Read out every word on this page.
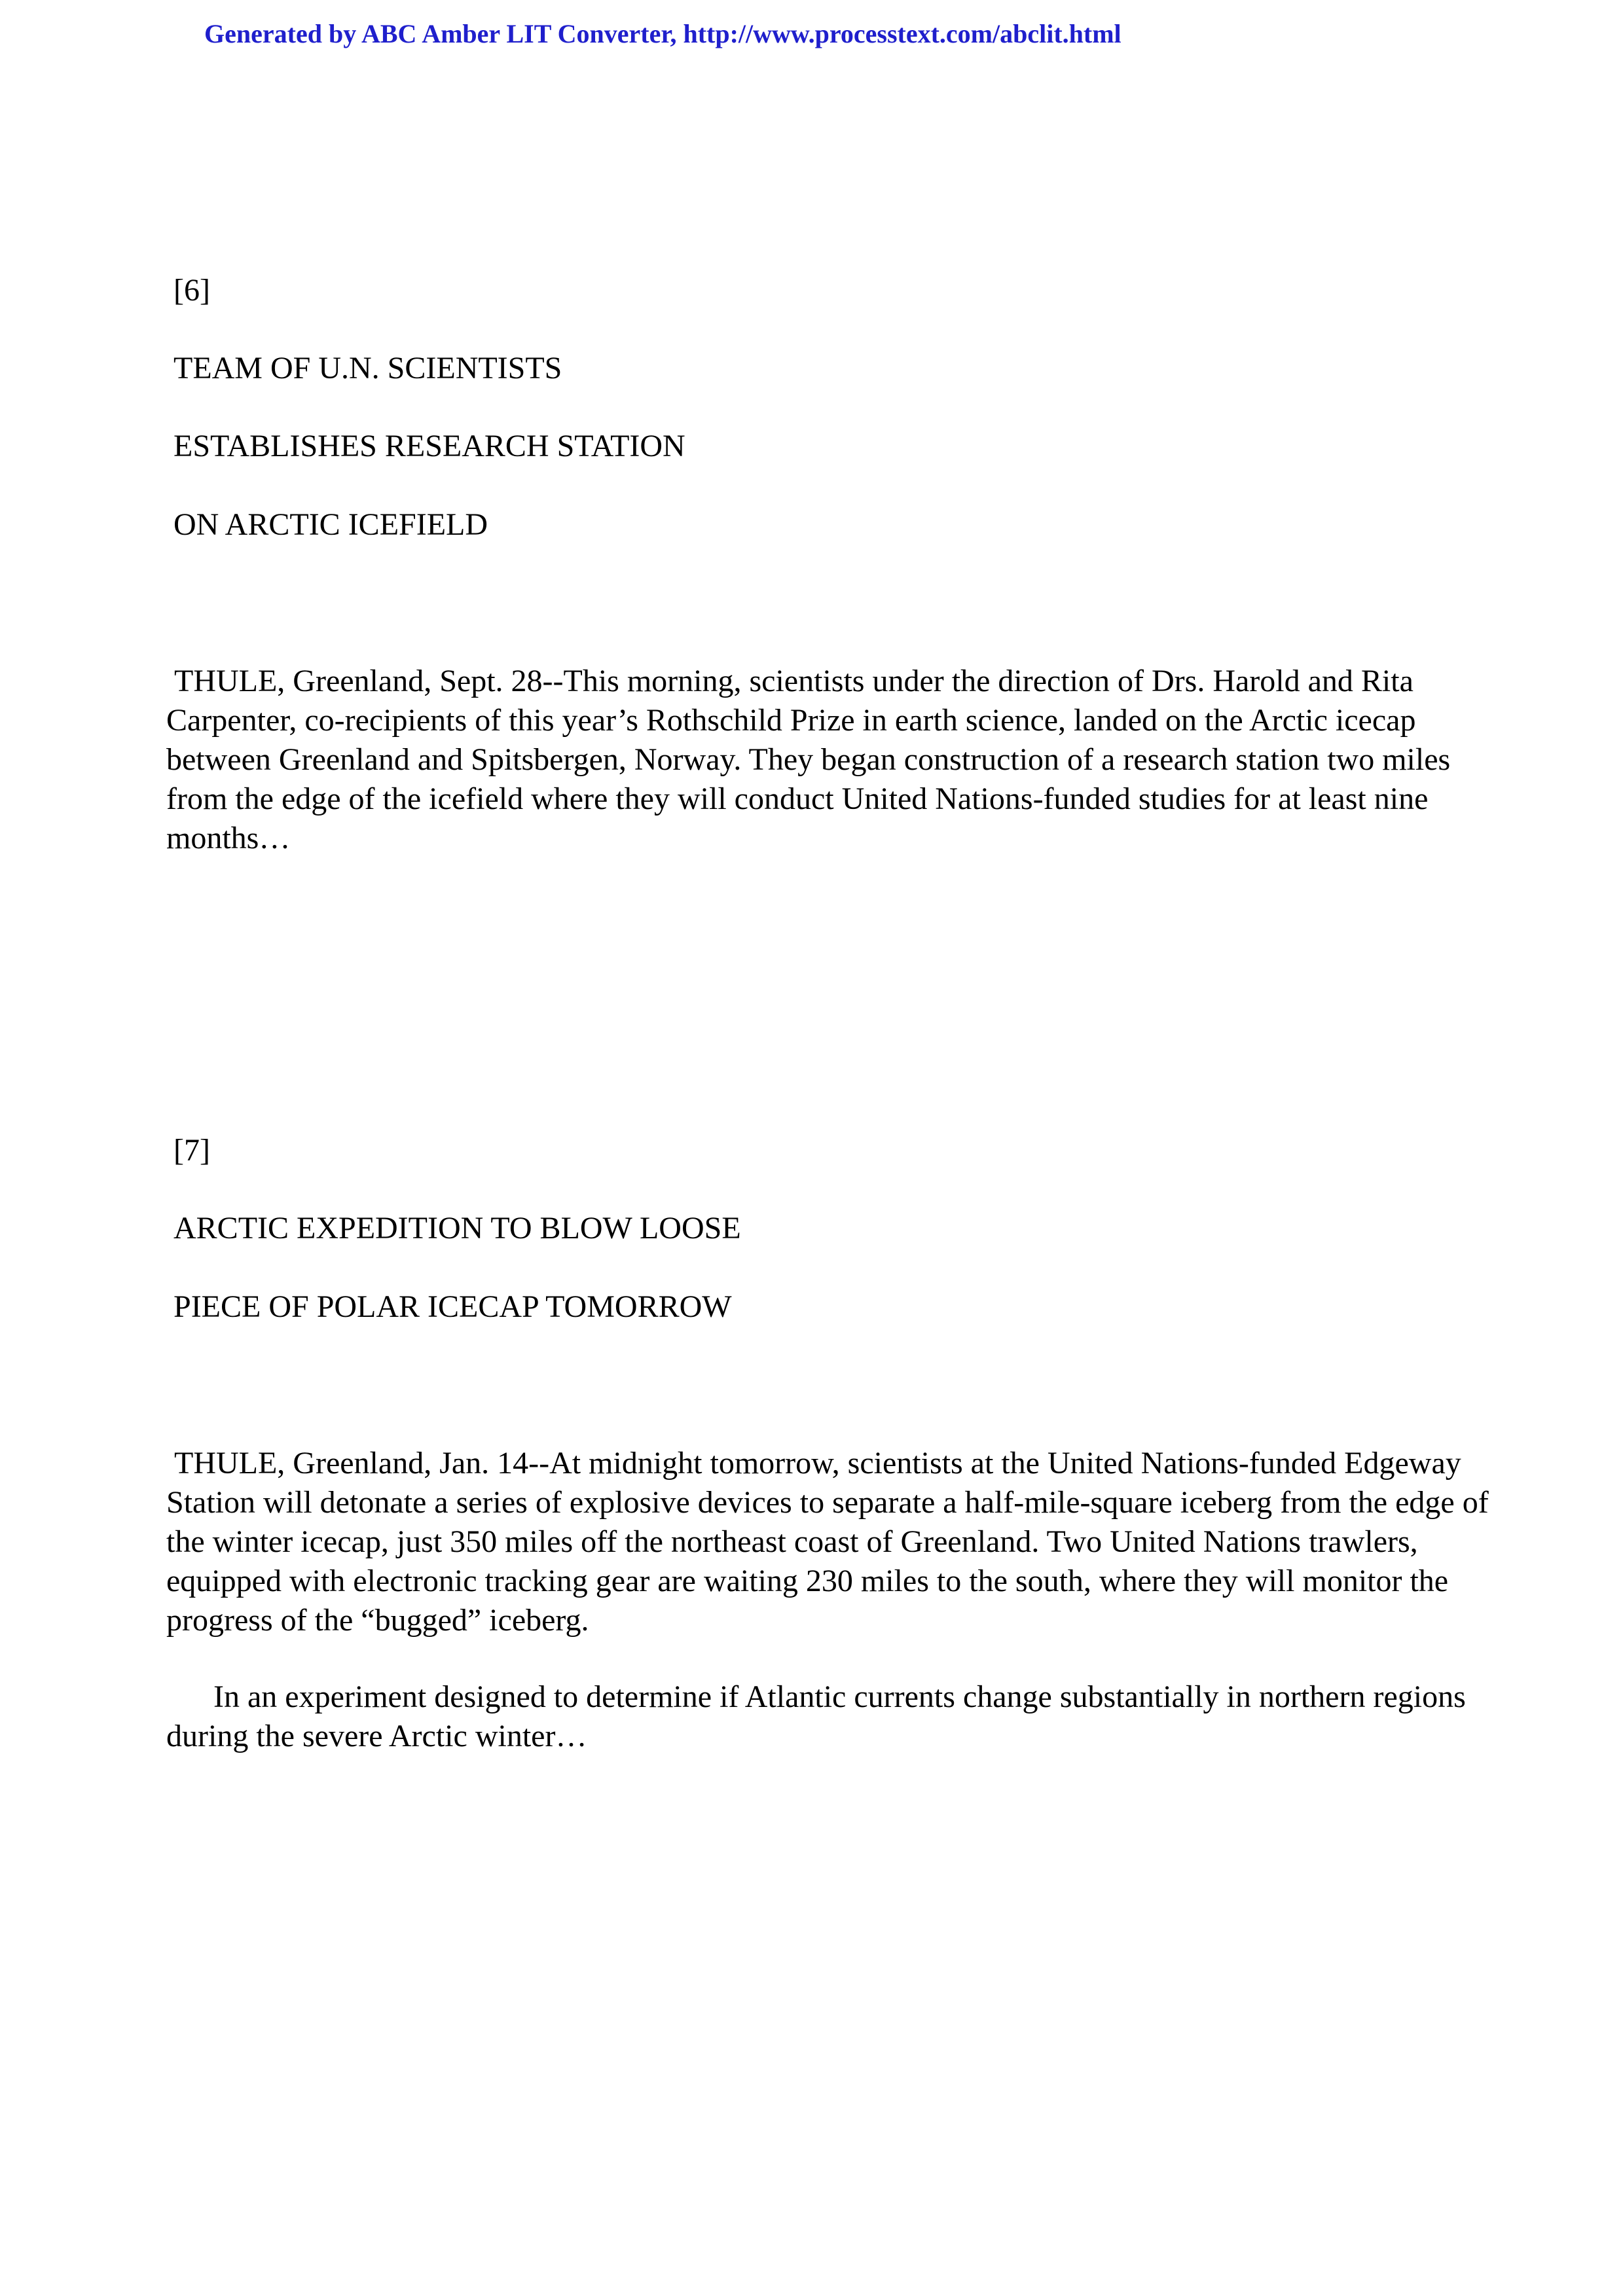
Generated by ABC Amber LIT Converter, http://www.processtext.com/abclit.html
[6]
TEAM OF U.N. SCIENTISTS
ESTABLISHES RESEARCH STATION
ON ARCTIC ICEFIELD

THULE, Greenland, Sept. 28--This morning, scientists under the direction of Drs. Harold and Rita Carpenter, co-recipients of this year’s Rothschild Prize in earth science, landed on the Arctic icecap between Greenland and Spitsbergen, Norway. They began construction of a research station two miles from the edge of the icefield where they will conduct United Nations-funded studies for at least nine months…

[7]
ARCTIC EXPEDITION TO BLOW LOOSE
PIECE OF POLAR ICECAP TOMORROW

THULE, Greenland, Jan. 14--At midnight tomorrow, scientists at the United Nations-funded Edgeway Station will detonate a series of explosive devices to separate a half-mile-square iceberg from the edge of the winter icecap, just 350 miles off the northeast coast of Greenland. Two United Nations trawlers, equipped with electronic tracking gear are waiting 230 miles to the south, where they will monitor the progress of the “bugged” iceberg.

In an experiment designed to determine if Atlantic currents change substantially in northern regions during the severe Arctic winter…
